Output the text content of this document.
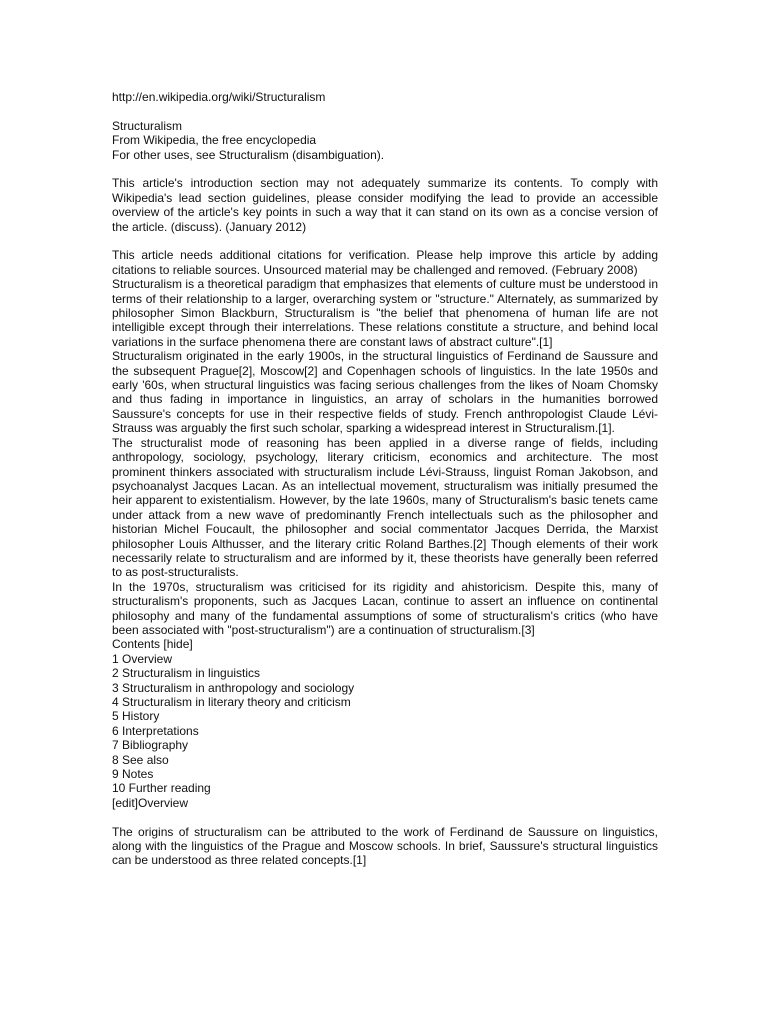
http://en.wikipedia.org/wiki/Structuralism
Structuralism
From Wikipedia, the free encyclopedia
For other uses, see Structuralism (disambiguation).
This article's introduction section may not adequately summarize its contents. To comply with Wikipedia's lead section guidelines, please consider modifying the lead to provide an accessible overview of the article's key points in such a way that it can stand on its own as a concise version of the article. (discuss). (January 2012)
This article needs additional citations for verification. Please help improve this article by adding citations to reliable sources. Unsourced material may be challenged and removed. (February 2008)
Structuralism is a theoretical paradigm that emphasizes that elements of culture must be understood in terms of their relationship to a larger, overarching system or "structure." Alternately, as summarized by philosopher Simon Blackburn, Structuralism is "the belief that phenomena of human life are not intelligible except through their interrelations. These relations constitute a structure, and behind local variations in the surface phenomena there are constant laws of abstract culture".[1]
Structuralism originated in the early 1900s, in the structural linguistics of Ferdinand de Saussure and the subsequent Prague[2], Moscow[2] and Copenhagen schools of linguistics. In the late 1950s and early '60s, when structural linguistics was facing serious challenges from the likes of Noam Chomsky and thus fading in importance in linguistics, an array of scholars in the humanities borrowed Saussure's concepts for use in their respective fields of study. French anthropologist Claude Lévi-Strauss was arguably the first such scholar, sparking a widespread interest in Structuralism.[1].
The structuralist mode of reasoning has been applied in a diverse range of fields, including anthropology, sociology, psychology, literary criticism, economics and architecture. The most prominent thinkers associated with structuralism include Lévi-Strauss, linguist Roman Jakobson, and psychoanalyst Jacques Lacan. As an intellectual movement, structuralism was initially presumed the heir apparent to existentialism. However, by the late 1960s, many of Structuralism's basic tenets came under attack from a new wave of predominantly French intellectuals such as the philosopher and historian Michel Foucault, the philosopher and social commentator Jacques Derrida, the Marxist philosopher Louis Althusser, and the literary critic Roland Barthes.[2] Though elements of their work necessarily relate to structuralism and are informed by it, these theorists have generally been referred to as post-structuralists.
In the 1970s, structuralism was criticised for its rigidity and ahistoricism. Despite this, many of structuralism's proponents, such as Jacques Lacan, continue to assert an influence on continental philosophy and many of the fundamental assumptions of some of structuralism's critics (who have been associated with "post-structuralism") are a continuation of structuralism.[3]
Contents [hide]
1 Overview
2 Structuralism in linguistics
3 Structuralism in anthropology and sociology
4 Structuralism in literary theory and criticism
5 History
6 Interpretations
7 Bibliography
8 See also
9 Notes
10 Further reading
[edit]Overview
The origins of structuralism can be attributed to the work of Ferdinand de Saussure on linguistics, along with the linguistics of the Prague and Moscow schools. In brief, Saussure's structural linguistics can be understood as three related concepts.[1]
